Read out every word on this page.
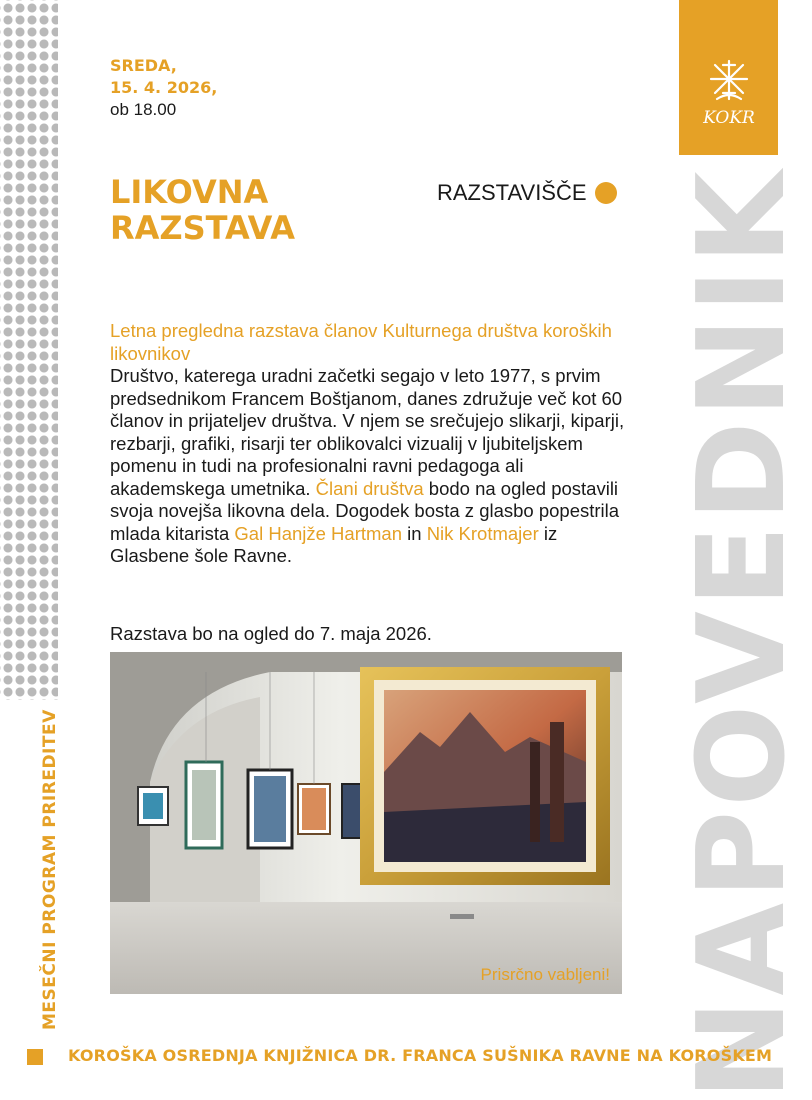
NAPOVEDNIK
KOKR
SREDA,
15. 4. 2026,
ob 18.00
LIKOVNA
RAZSTAVA
RAZSTAVIŠČE
Letna pregledna razstava članov Kulturnega društva koroških likovnikov
Društvo, katerega uradni začetki segajo v leto 1977, s prvim predsednikom Francem Boštjanom, danes združuje več kot 60 članov in prijateljev društva. V njem se srečujejo slikarji, kiparji, rezbarji, grafiki, risarji ter oblikovalci vizualij v ljubiteljskem pomenu in tudi na profesionalni ravni pedagoga ali akademskega umetnika. Člani društva bodo na ogled postavili svoja novejša likovna dela. Dogodek bosta z glasbo popestrila mlada kitarista Gal Hanjže Hartman in Nik Krotmajer iz Glasbene šole Ravne.
Razstava bo na ogled do 7. maja 2026.
Prisrčno vabljeni!
MESEČNI PROGRAM PRIREDITEV
KOROŠKA OSREDNJA KNJIŽNICA DR. FRANCA SUŠNIKA RAVNE NA KOROŠKEM
